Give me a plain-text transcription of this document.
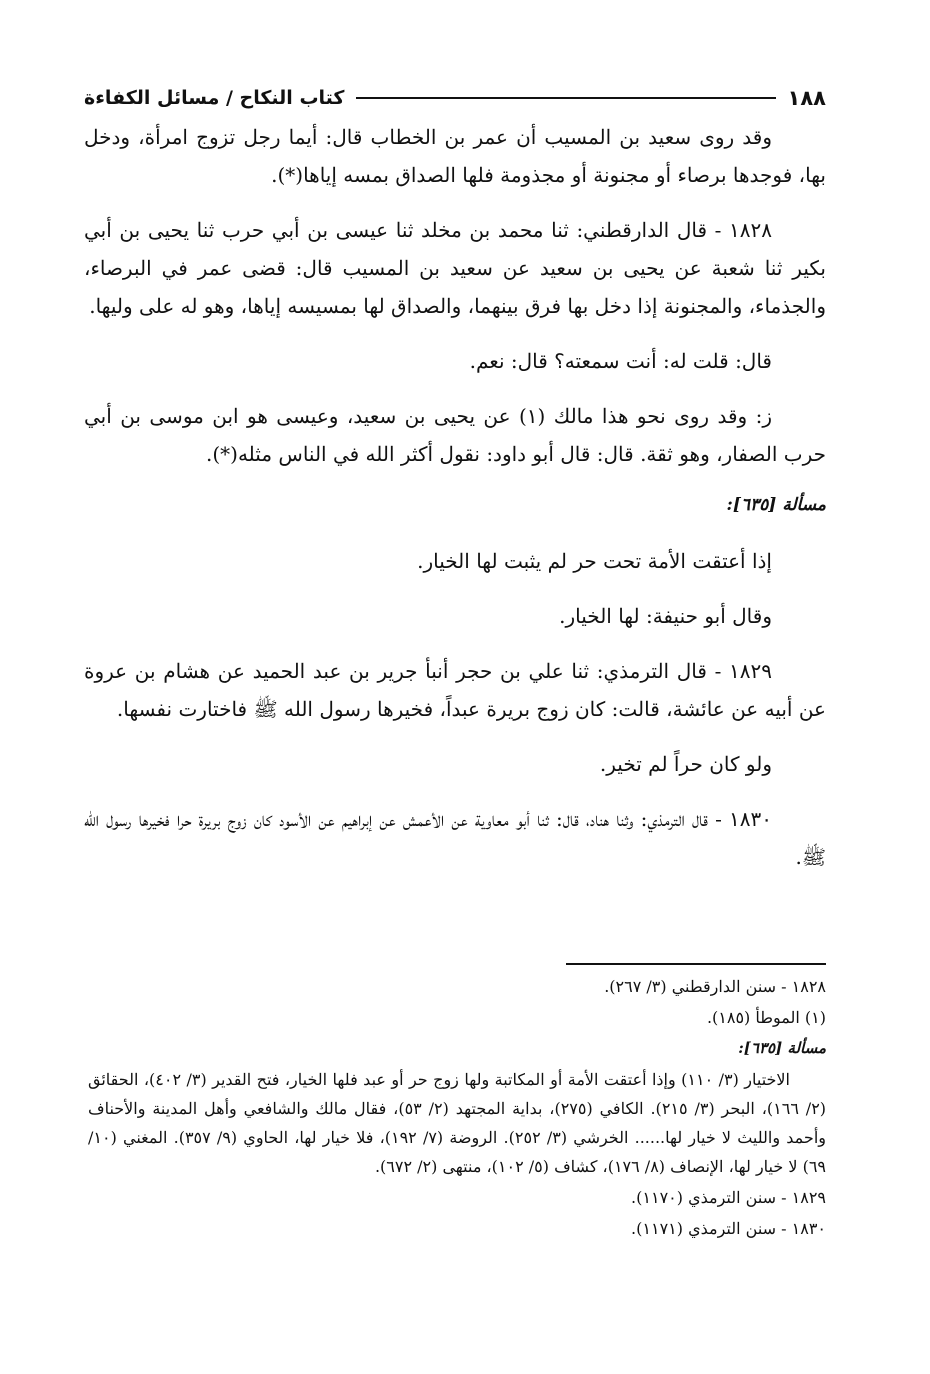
١٨٨
كتاب النكاح / مسائل الكفاءة

وقد روى سعيد بن المسيب أن عمر بن الخطاب قال: أيما رجل تزوج امرأة، ودخل بها، فوجدها برصاء أو مجنونة أو مجذومة فلها الصداق بمسه إياها(*).

١٨٢٨ - قال الدارقطني: ثنا محمد بن مخلد ثنا عيسى بن أبي حرب ثنا يحيى بن أبي بكير ثنا شعبة عن يحيى بن سعيد عن سعيد بن المسيب قال: قضى عمر في البرصاء، والجذماء، والمجنونة إذا دخل بها فرق بينهما، والصداق لها بمسيسه إياها، وهو له على وليها.

قال: قلت له: أنت سمعته؟ قال: نعم.

ز: وقد روى نحو هذا مالك (١) عن يحيى بن سعيد، وعيسى هو ابن موسى بن أبي حرب الصفار، وهو ثقة. قال: قال أبو داود: نقول أكثر الله في الناس مثله(*).

مسألة [٦٣٥]:

إذا أعتقت الأمة تحت حر لم يثبت لها الخيار.

وقال أبو حنيفة: لها الخيار.

١٨٢٩ - قال الترمذي: ثنا علي بن حجر أنبأ جرير بن عبد الحميد عن هشام بن عروة عن أبيه عن عائشة، قالت: كان زوج بريرة عبداً، فخيرها رسول الله ﷺ فاختارت نفسها.

ولو كان حراً لم تخير.

١٨٣٠ - قال الترمذي: وثنا هناد، قال: ثنا أبو معاوية عن الأعمش عن إبراهيم عن الأسود كان زوج بريرة حرا فخيرها رسول الله ﷺ.

١٨٢٨ - سنن الدارقطني (٣/ ٢٦٧).

(١) الموطأ (١٨٥).

مسألة [٦٣٥]:

الاختيار (٣/ ١١٠) وإذا أعتقت الأمة أو المكاتبة ولها زوج حر أو عبد فلها الخيار، فتح القدير (٣/ ٤٠٢)، الحقائق (٢/ ١٦٦)، البحر (٣/ ٢١٥). الكافي (٢٧٥)، بداية المجتهد (٢/ ٥٣)، فقال مالك والشافعي وأهل المدينة والأحناف وأحمد والليث لا خيار لها...... الخرشي (٣/ ٢٥٢). الروضة (٧/ ١٩٢)، فلا خيار لها، الحاوي (٩/ ٣٥٧). المغني (١٠/ ٦٩) لا خيار لها، الإنصاف (٨/ ١٧٦)، كشاف (٥/ ١٠٢)، منتهى (٢/ ٦٧٢).

١٨٢٩ - سنن الترمذي (١١٧٠).

١٨٣٠ - سنن الترمذي (١١٧١).
